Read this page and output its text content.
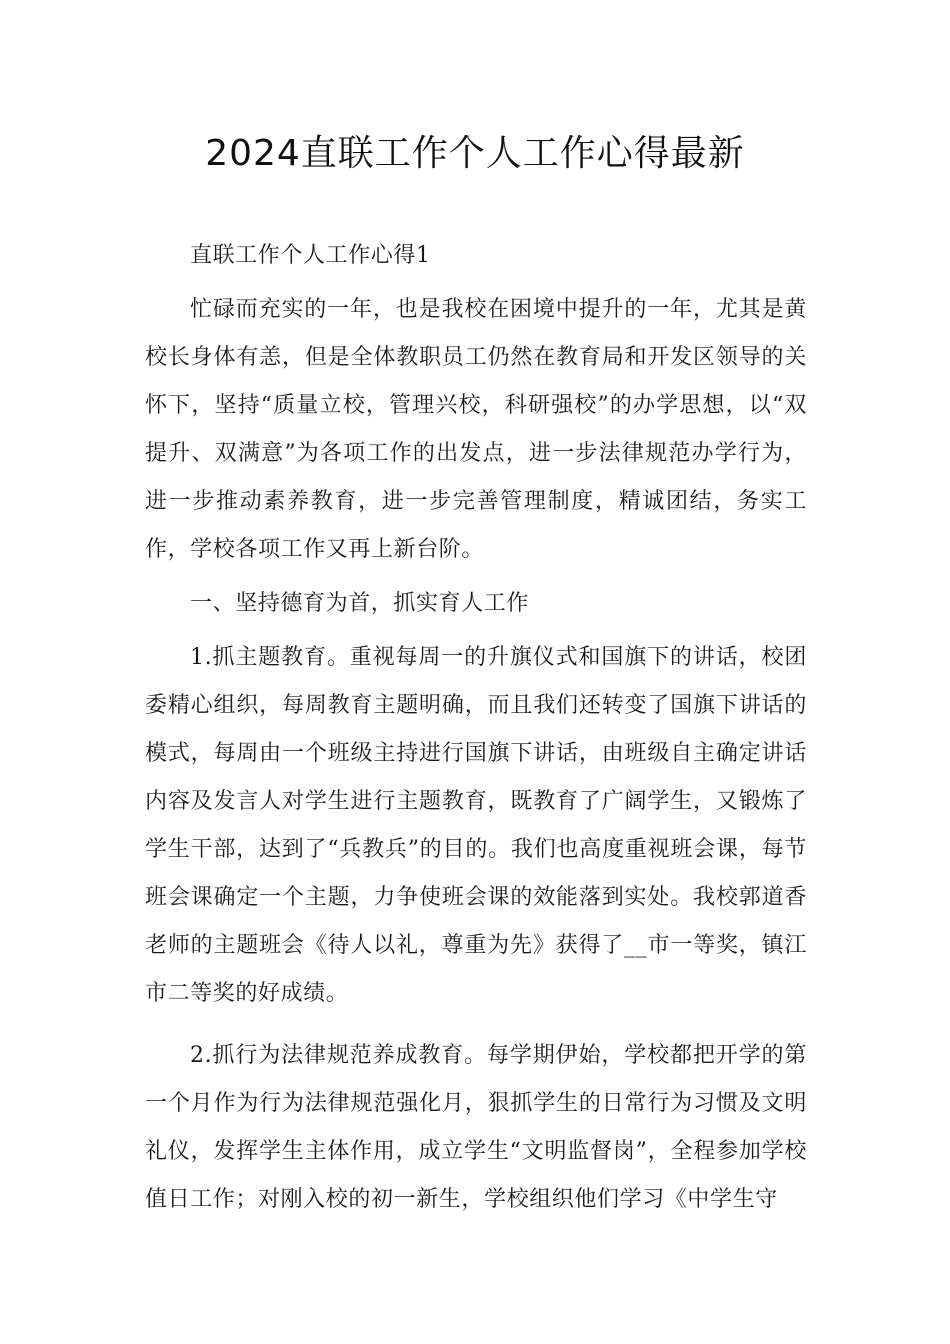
2024直联工作个人工作心得最新

直联工作个人工作心得1

忙碌而充实的一年，也是我校在困境中提升的一年，尤其是黄校长身体有恙，但是全体教职员工仍然在教育局和开发区领导的关怀下，坚持“质量立校，管理兴校，科研强校”的办学思想，以“双提升、双满意”为各项工作的出发点，进一步法律规范办学行为，进一步推动素养教育，进一步完善管理制度，精诚团结，务实工作，学校各项工作又再上新台阶。

一、坚持德育为首，抓实育人工作

1.抓主题教育。重视每周一的升旗仪式和国旗下的讲话，校团委精心组织，每周教育主题明确，而且我们还转变了国旗下讲话的模式，每周由一个班级主持进行国旗下讲话，由班级自主确定讲话内容及发言人对学生进行主题教育，既教育了广阔学生，又锻炼了学生干部，达到了“兵教兵”的目的。我们也高度重视班会课，每节班会课确定一个主题，力争使班会课的效能落到实处。我校郭道香老师的主题班会《待人以礼，尊重为先》获得了__市一等奖，镇江市二等奖的好成绩。

2.抓行为法律规范养成教育。每学期伊始，学校都把开学的第一个月作为行为法律规范强化月，狠抓学生的日常行为习惯及文明礼仪，发挥学生主体作用，成立学生“文明监督岗”，全程参加学校值日工作；对刚入校的初一新生，学校组织他们学习《中学生守
